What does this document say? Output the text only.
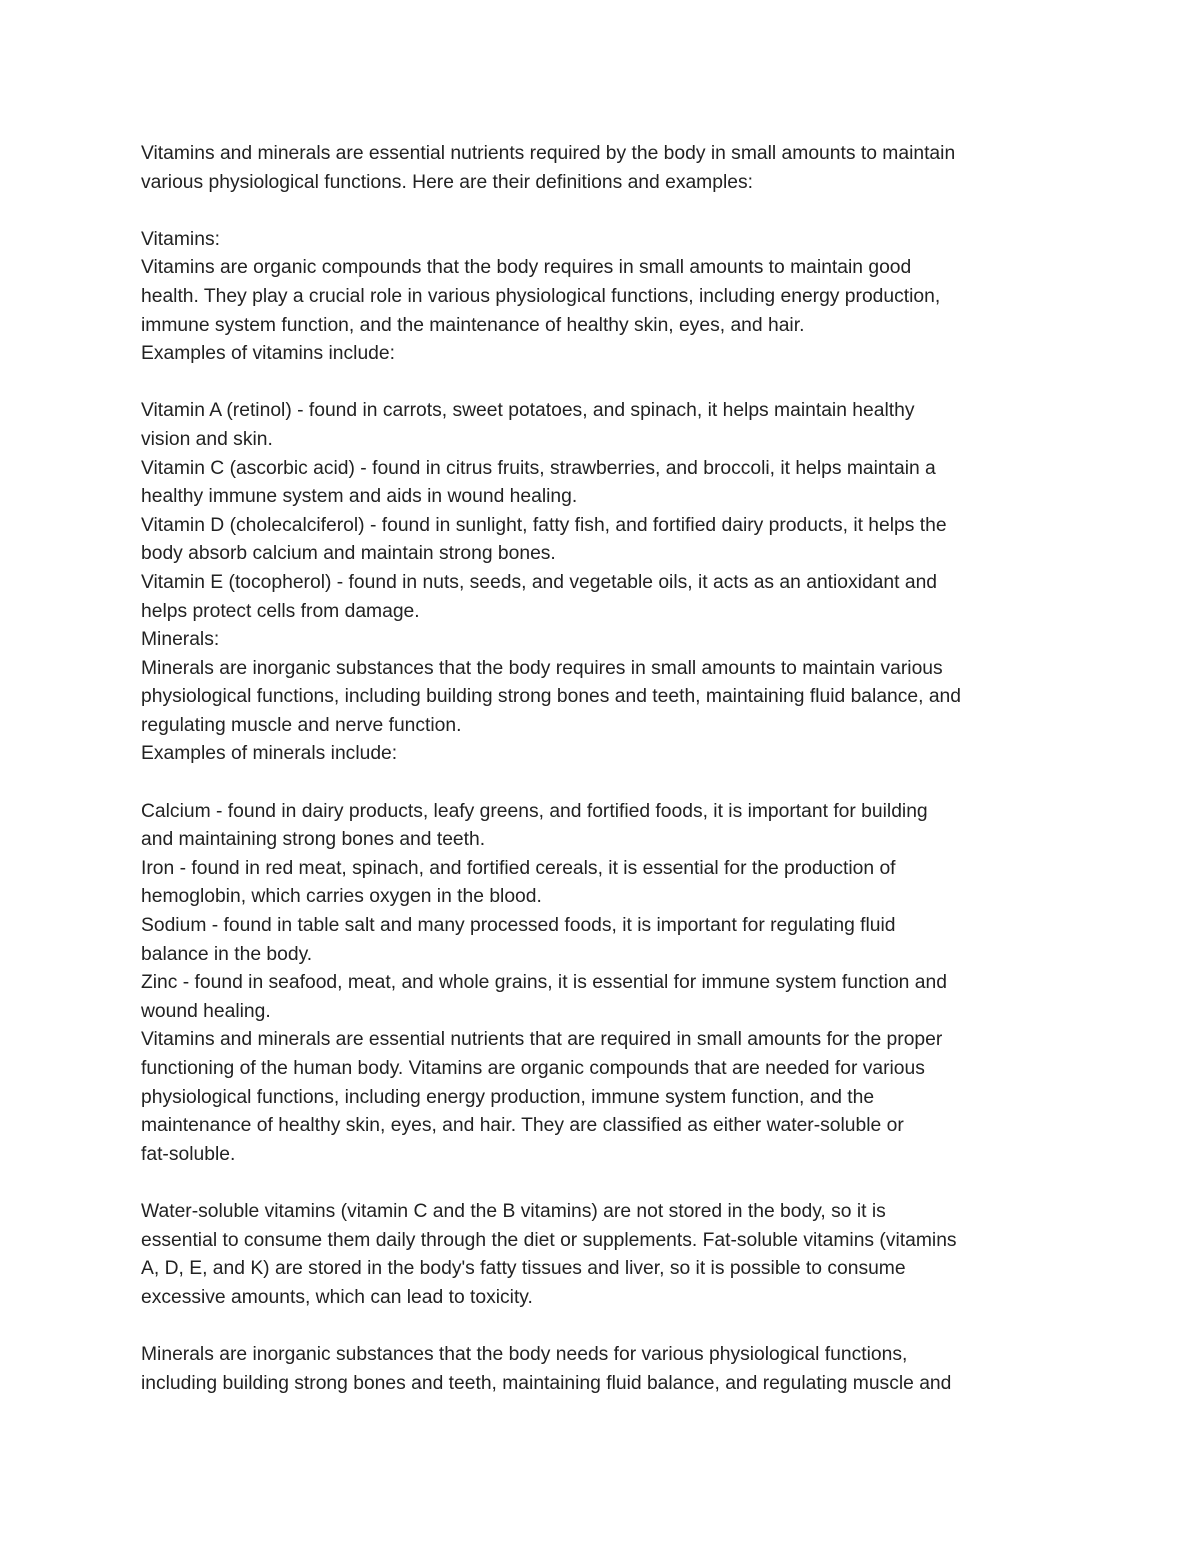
Vitamins and minerals are essential nutrients required by the body in small amounts to maintain
various physiological functions. Here are their definitions and examples:
Vitamins:
Vitamins are organic compounds that the body requires in small amounts to maintain good
health. They play a crucial role in various physiological functions, including energy production,
immune system function, and the maintenance of healthy skin, eyes, and hair.
Examples of vitamins include:
Vitamin A (retinol) - found in carrots, sweet potatoes, and spinach, it helps maintain healthy
vision and skin.
Vitamin C (ascorbic acid) - found in citrus fruits, strawberries, and broccoli, it helps maintain a
healthy immune system and aids in wound healing.
Vitamin D (cholecalciferol) - found in sunlight, fatty fish, and fortified dairy products, it helps the
body absorb calcium and maintain strong bones.
Vitamin E (tocopherol) - found in nuts, seeds, and vegetable oils, it acts as an antioxidant and
helps protect cells from damage.
Minerals:
Minerals are inorganic substances that the body requires in small amounts to maintain various
physiological functions, including building strong bones and teeth, maintaining fluid balance, and
regulating muscle and nerve function.
Examples of minerals include:
Calcium - found in dairy products, leafy greens, and fortified foods, it is important for building
and maintaining strong bones and teeth.
Iron - found in red meat, spinach, and fortified cereals, it is essential for the production of
hemoglobin, which carries oxygen in the blood.
Sodium - found in table salt and many processed foods, it is important for regulating fluid
balance in the body.
Zinc - found in seafood, meat, and whole grains, it is essential for immune system function and
wound healing.
Vitamins and minerals are essential nutrients that are required in small amounts for the proper
functioning of the human body. Vitamins are organic compounds that are needed for various
physiological functions, including energy production, immune system function, and the
maintenance of healthy skin, eyes, and hair. They are classified as either water-soluble or
fat-soluble.
Water-soluble vitamins (vitamin C and the B vitamins) are not stored in the body, so it is
essential to consume them daily through the diet or supplements. Fat-soluble vitamins (vitamins
A, D, E, and K) are stored in the body's fatty tissues and liver, so it is possible to consume
excessive amounts, which can lead to toxicity.
Minerals are inorganic substances that the body needs for various physiological functions,
including building strong bones and teeth, maintaining fluid balance, and regulating muscle and
